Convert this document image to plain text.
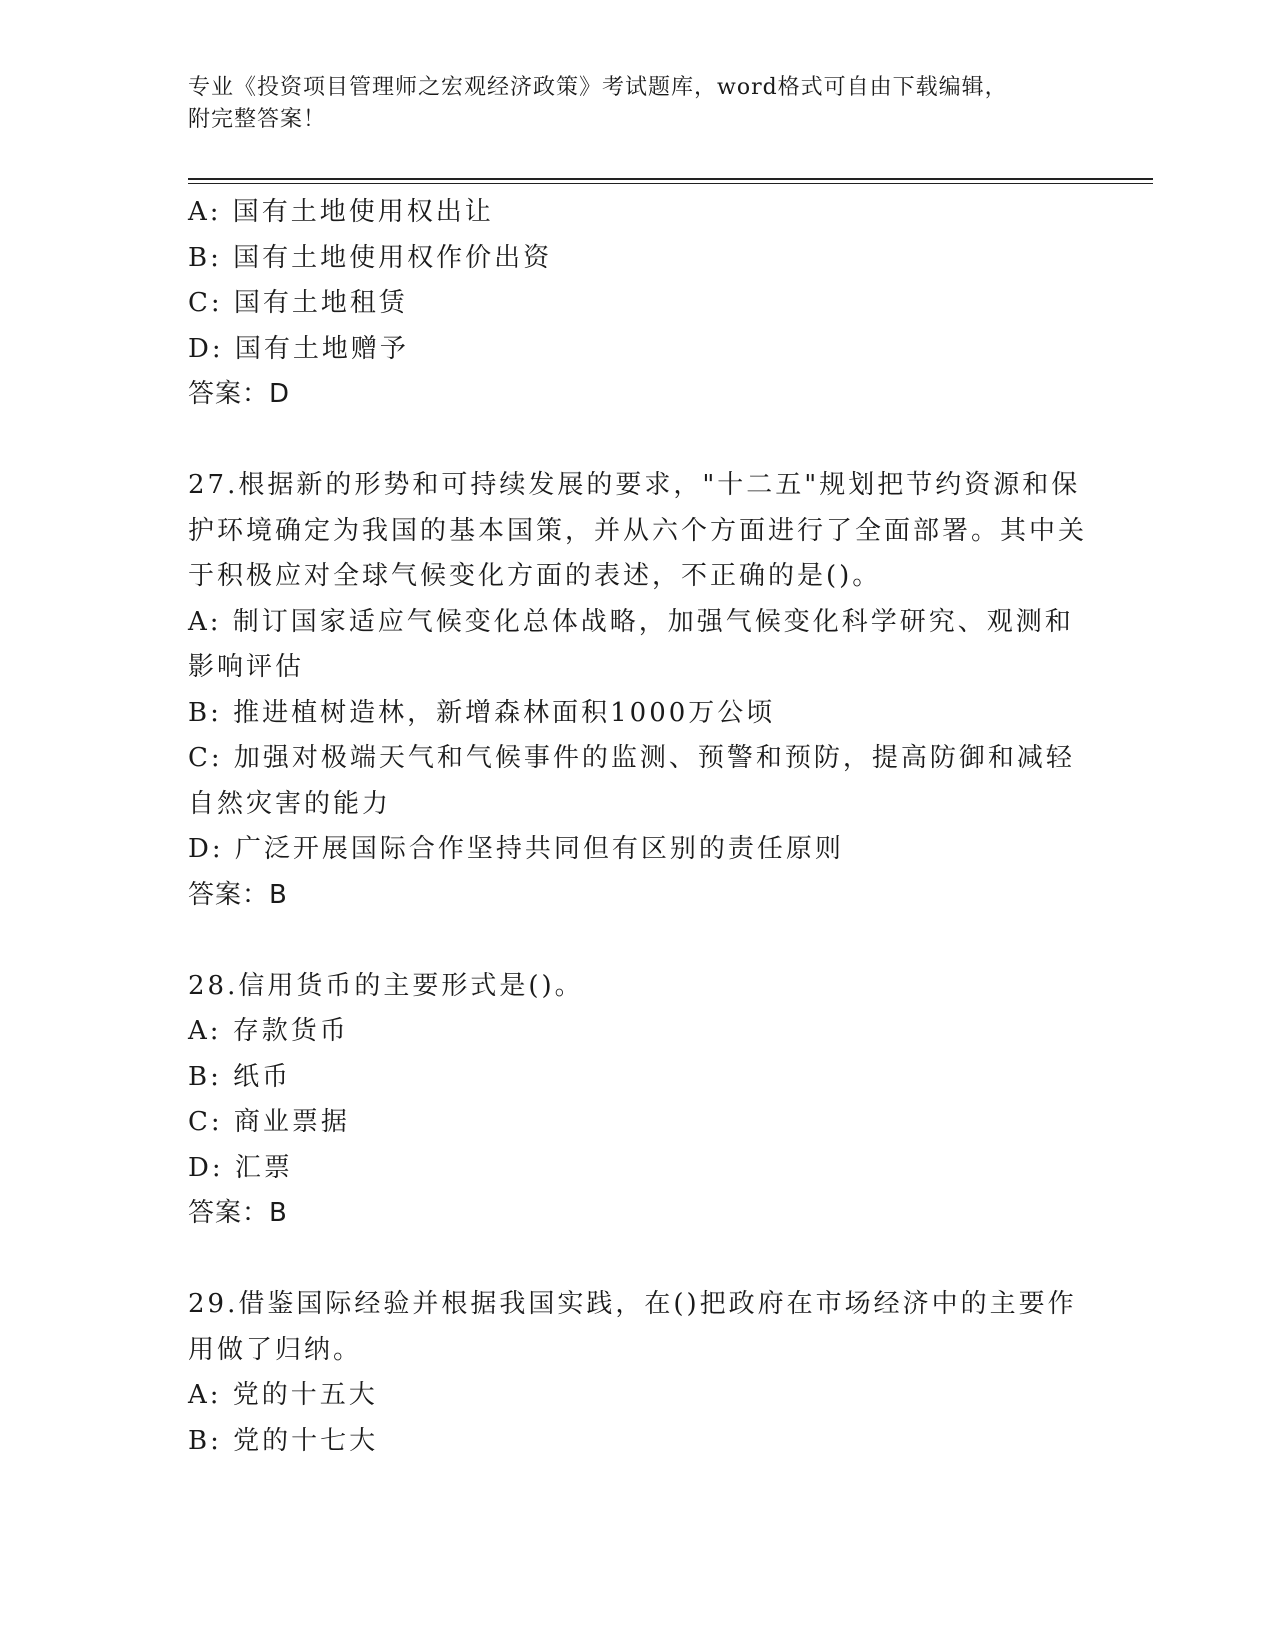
专业《投资项目管理师之宏观经济政策》考试题库，word格式可自由下载编辑，
附完整答案！
A: 国有土地使用权出让
B: 国有土地使用权作价出资
C: 国有土地租赁
D: 国有土地赠予
答案：D
27.根据新的形势和可持续发展的要求，"十二五"规划把节约资源和保护环境确定为我国的基本国策，并从六个方面进行了全面部署。其中关于积极应对全球气候变化方面的表述，不正确的是()。
A: 制订国家适应气候变化总体战略，加强气候变化科学研究、观测和影响评估
B: 推进植树造林，新增森林面积1000万公顷
C: 加强对极端天气和气候事件的监测、预警和预防，提高防御和减轻自然灾害的能力
D: 广泛开展国际合作坚持共同但有区别的责任原则
答案：B
28.信用货币的主要形式是()。
A: 存款货币
B: 纸币
C: 商业票据
D: 汇票
答案：B
29.借鉴国际经验并根据我国实践，在()把政府在市场经济中的主要作用做了归纳。
A: 党的十五大
B: 党的十七大
